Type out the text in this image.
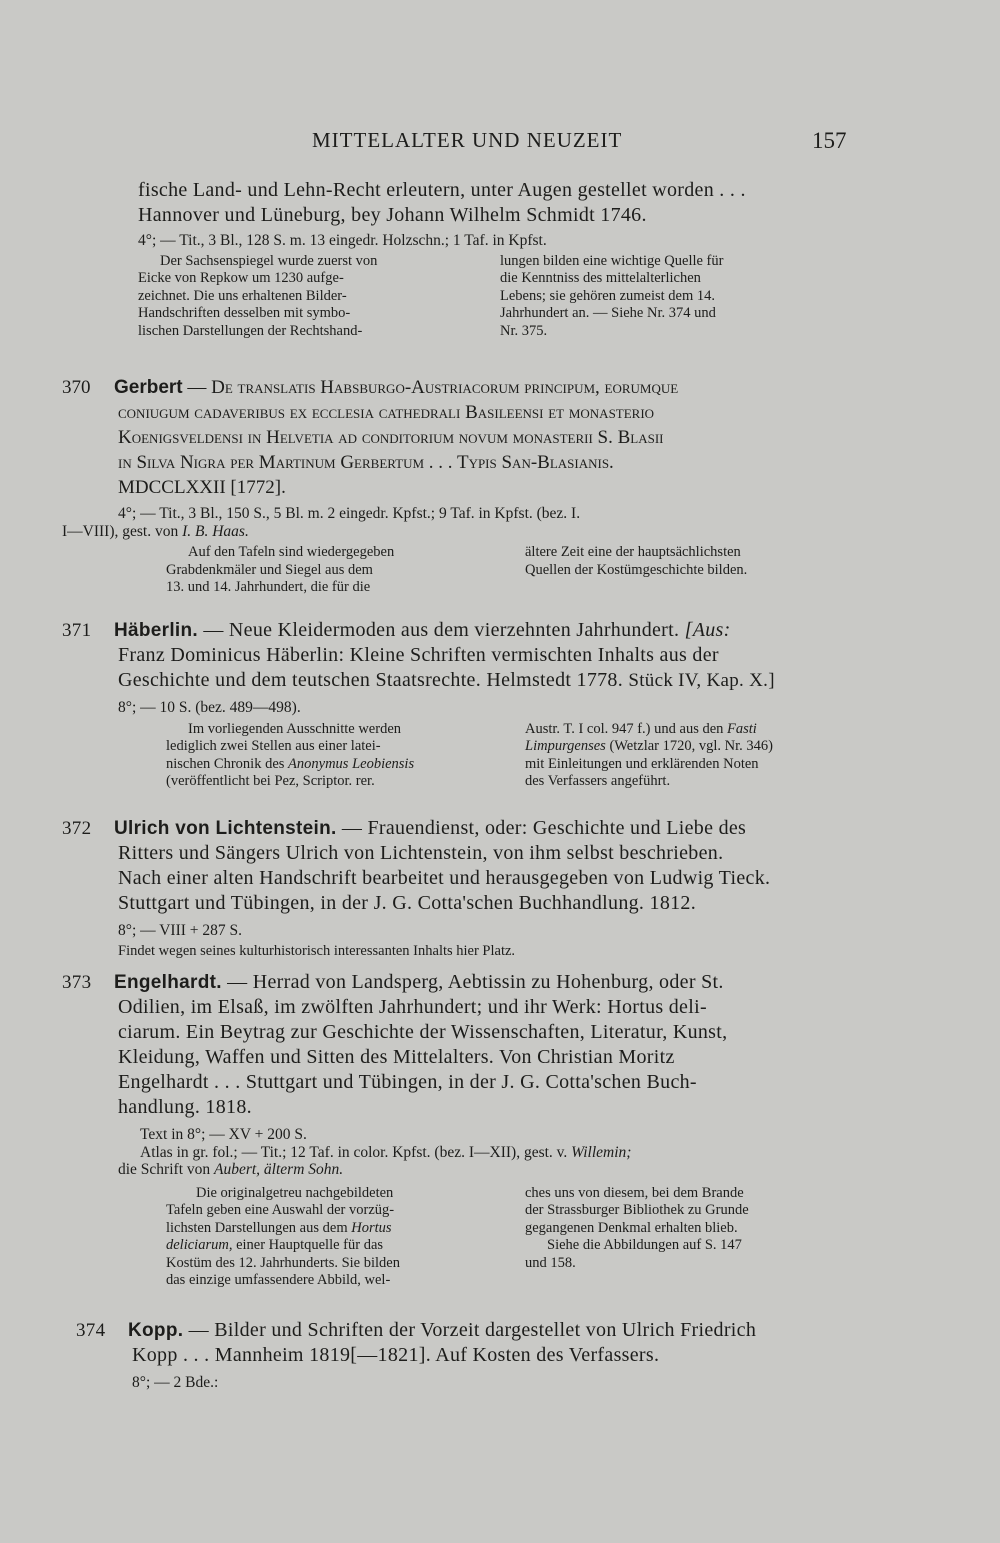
MITTELALTER UND NEUZEIT	157
fische Land- und Lehn-Recht erleutern, unter Augen gestellet worden . . .
Hannover und Lüneburg, bey Johann Wilhelm Schmidt 1746.
4°; — Tit., 3 Bl., 128 S. m. 13 eingedr. Holzschn.; 1 Taf. in Kpfst.
Der Sachsenspiegel wurde zuerst von
Eicke von Repkow um 1230 aufge-
zeichnet. Die uns erhaltenen Bilder-
Handschriften desselben mit symbo-
lischen Darstellungen der Rechtshand-
lungen bilden eine wichtige Quelle für
die Kenntniss des mittelalterlichen
Lebens; sie gehören zumeist dem 14.
Jahrhundert an. — Siehe Nr. 374 und
Nr. 375.
370 Gerbert — De translatis Habsburgo-Austriacorum principum, eorumque
coniugum cadaveribus ex ecclesia cathedrali Basileensi et monasterio
Koenigsveldensi in Helvetia ad conditorium novum monasterii S. Blasii
in Silva Nigra per Martinum Gerbertum . . . Typis San-Blasianis.
MDCCLXXII [1772].
4°; — Tit., 3 Bl., 150 S., 5 Bl. m. 2 eingedr. Kpfst.; 9 Taf. in Kpfst. (bez. I.
I—VIII), gest. von I. B. Haas.
Auf den Tafeln sind wiedergegeben
Grabdenkmäler und Siegel aus dem
13. und 14. Jahrhundert, die für die
ältere Zeit eine der hauptsächlichsten
Quellen der Kostümgeschichte bilden.
371 Häberlin. — Neue Kleidermoden aus dem vierzehnten Jahrhundert. [Aus:
Franz Dominicus Häberlin: Kleine Schriften vermischten Inhalts aus der
Geschichte und dem teutschen Staatsrechte. Helmstedt 1778. Stück IV, Kap. X.]
8°; — 10 S. (bez. 489—498).
Im vorliegenden Ausschnitte werden
lediglich zwei Stellen aus einer latei-
nischen Chronik des Anonymus Leobiensis
(veröffentlicht bei Pez, Scriptor. rer.
Austr. T. I col. 947 f.) und aus den Fasti
Limpurgenses (Wetzlar 1720, vgl. Nr. 346)
mit Einleitungen und erklärenden Noten
des Verfassers angeführt.
372 Ulrich von Lichtenstein. — Frauendienst, oder: Geschichte und Liebe des
Ritters und Sängers Ulrich von Lichtenstein, von ihm selbst beschrieben.
Nach einer alten Handschrift bearbeitet und herausgegeben von Ludwig Tieck.
Stuttgart und Tübingen, in der J. G. Cotta'schen Buchhandlung. 1812.
8°; — VIII + 287 S.
Findet wegen seines kulturhistorisch interessanten Inhalts hier Platz.
373 Engelhardt. — Herrad von Landsperg, Aebtissin zu Hohenburg, oder St.
Odilien, im Elsaß, im zwölften Jahrhundert; und ihr Werk: Hortus deli-
ciarum. Ein Beytrag zur Geschichte der Wissenschaften, Literatur, Kunst,
Kleidung, Waffen und Sitten des Mittelalters. Von Christian Moritz
Engelhardt . . . Stuttgart und Tübingen, in der J. G. Cotta'schen Buch-
handlung. 1818.
Text in 8°; — XV + 200 S.
Atlas in gr. fol.; — Tit.; 12 Taf. in color. Kpfst. (bez. I—XII), gest. v. Willemin;
die Schrift von Aubert, älterm Sohn.
Die originalgetreu nachgebildeten
Tafeln geben eine Auswahl der vorzüg-
lichsten Darstellungen aus dem Hortus
deliciarum, einer Hauptquelle für das
Kostüm des 12. Jahrhunderts. Sie bilden
das einzige umfassendere Abbild, wel-
ches uns von diesem, bei dem Brande
der Strassburger Bibliothek zu Grunde
gegangenen Denkmal erhalten blieb.
Siehe die Abbildungen auf S. 147
und 158.
374 Kopp. — Bilder und Schriften der Vorzeit dargestellet von Ulrich Friedrich
Kopp . . . Mannheim 1819[—1821]. Auf Kosten des Verfassers.
8°; — 2 Bde.:
